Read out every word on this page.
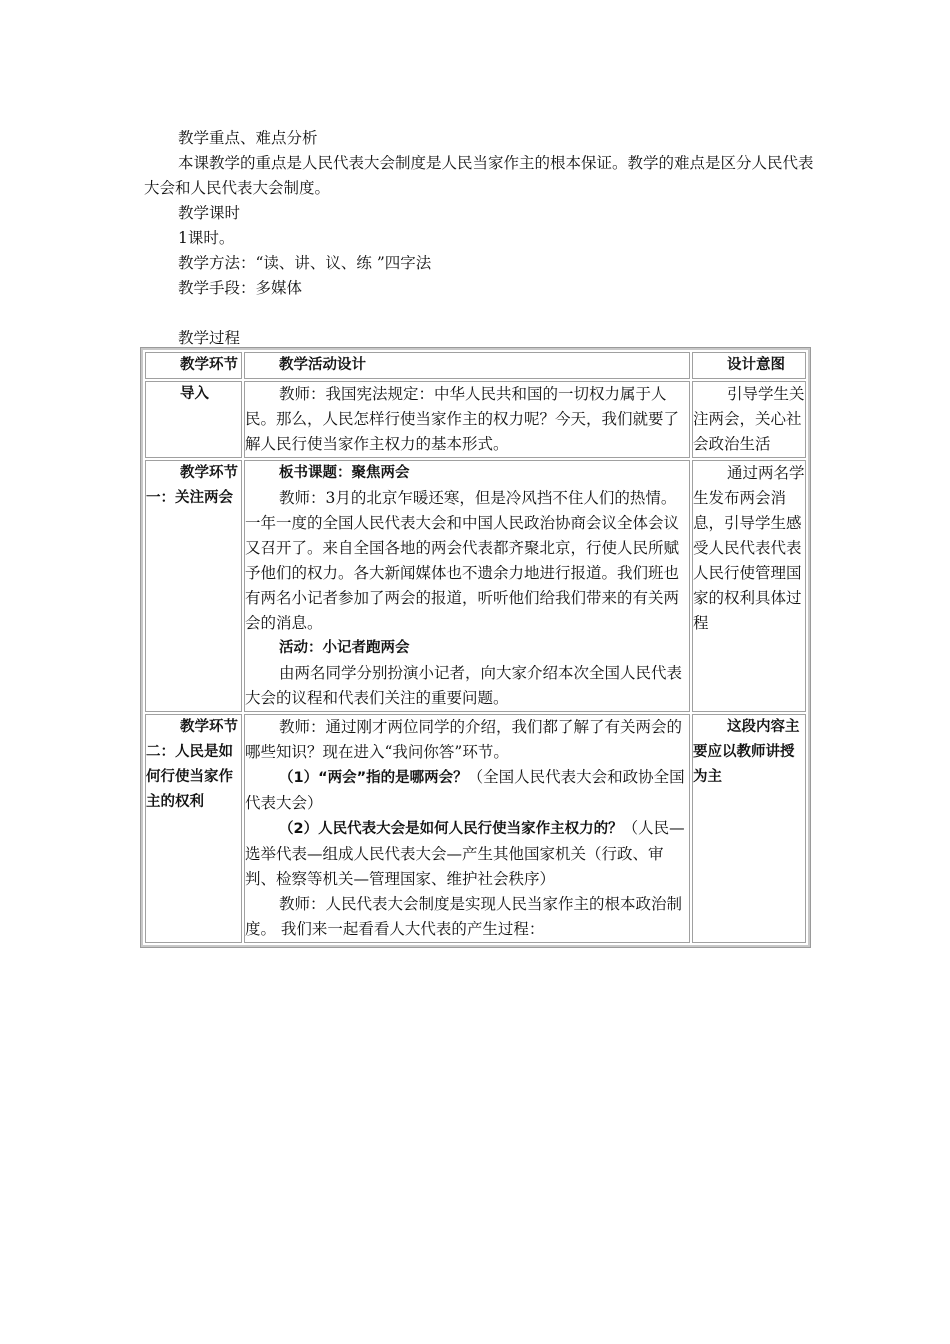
教学重点、难点分析

本课教学的重点是人民代表大会制度是人民当家作主的根本保证。教学的难点是区分人民代表大会和人民代表大会制度。

教学课时

1课时。

教学方法：“读、讲、议、练 ”四字法

教学手段：多媒体

教学过程

教学环节	教学活动设计	设计意图

导入	教师：我国宪法规定：中华人民共和国的一切权力属于人民。那么，人民怎样行使当家作主的权力呢？今天，我们就要了解人民行使当家作主权力的基本形式。	引导学生关注两会，关心社会政治生活

教学环节一：关注两会	板书课题：聚焦两会

教师：3月的北京乍暖还寒，但是冷风挡不住人们的热情。一年一度的全国人民代表大会和中国人民政治协商会议全体会议又召开了。来自全国各地的两会代表都齐聚北京，行使人民所赋予他们的权力。各大新闻媒体也不遗余力地进行报道。我们班也有两名小记者参加了两会的报道，听听他们给我们带来的有关两会的消息。

活动：小记者跑两会

由两名同学分别扮演小记者，向大家介绍本次全国人民代表大会的议程和代表们关注的重要问题。	通过两名学生发布两会消息，引导学生感受人民代表代表人民行使管理国家的权利具体过程

教学环节二：人民是如何行使当家作主的权利	教师：通过刚才两位同学的介绍，我们都了解了有关两会的哪些知识？现在进入“我问你答”环节。

（1）“两会”指的是哪两会？（全国人民代表大会和政协全国代表大会）

（2）人民代表大会是如何人民行使当家作主权力的？（人民—选举代表—组成人民代表大会—产生其他国家机关（行政、审判、检察等机关—管理国家、维护社会秩序）

教师：人民代表大会制度是实现人民当家作主的根本政治制度。 我们来一起看看人大代表的产生过程：	这段内容主要应以教师讲授为主
